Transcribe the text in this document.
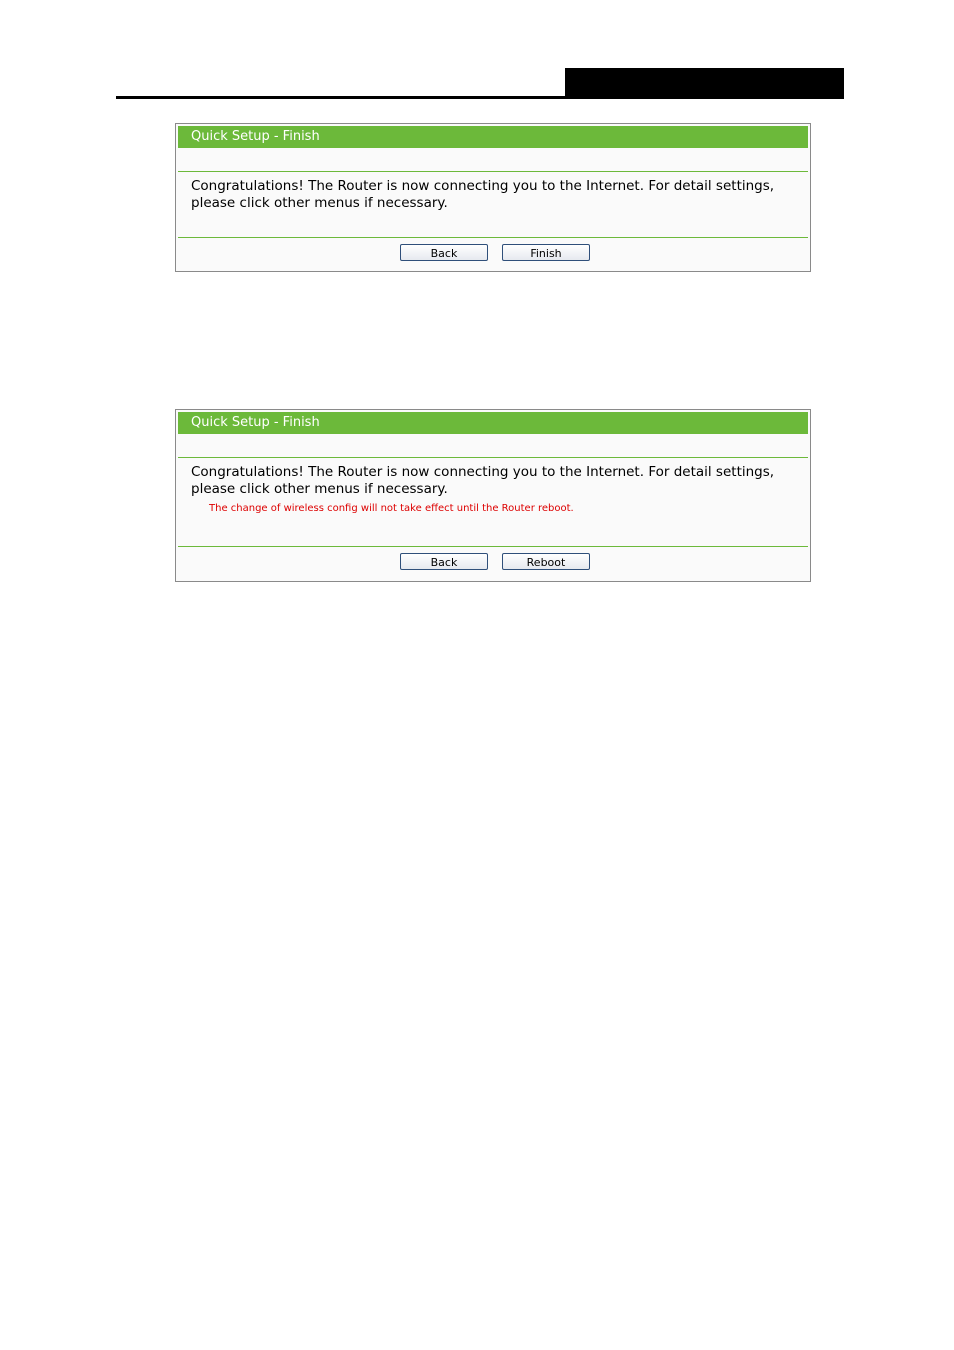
Quick Setup - Finish
Congratulations! The Router is now connecting you to the Internet. For detail settings, please click other menus if necessary.
Back	Finish
Quick Setup - Finish
Congratulations! The Router is now connecting you to the Internet. For detail settings, please click other menus if necessary.
The change of wireless config will not take effect until the Router reboot.
Back	Reboot
